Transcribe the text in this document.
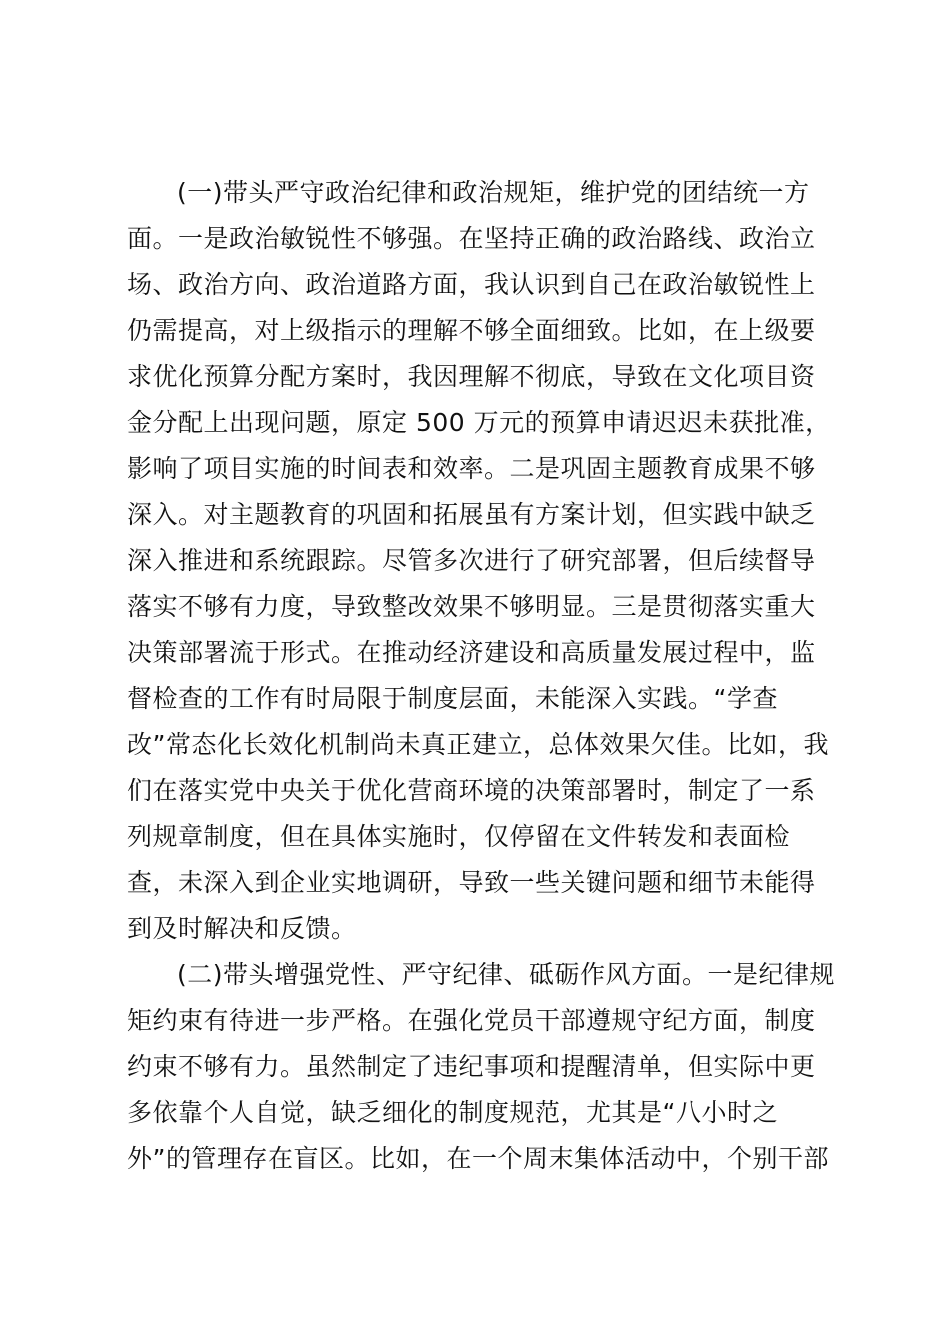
(一)带头严守政治纪律和政治规矩，维护党的团结统一方
面。一是政治敏锐性不够强。在坚持正确的政治路线、政治立
场、政治方向、政治道路方面，我认识到自己在政治敏锐性上
仍需提高，对上级指示的理解不够全面细致。比如，在上级要
求优化预算分配方案时，我因理解不彻底，导致在文化项目资
金分配上出现问题，原定 500 万元的预算申请迟迟未获批准，
影响了项目实施的时间表和效率。二是巩固主题教育成果不够
深入。对主题教育的巩固和拓展虽有方案计划，但实践中缺乏
深入推进和系统跟踪。尽管多次进行了研究部署，但后续督导
落实不够有力度，导致整改效果不够明显。三是贯彻落实重大
决策部署流于形式。在推动经济建设和高质量发展过程中，监
督检查的工作有时局限于制度层面，未能深入实践。“学查
改”常态化长效化机制尚未真正建立，总体效果欠佳。比如，我
们在落实党中央关于优化营商环境的决策部署时，制定了一系
列规章制度，但在具体实施时，仅停留在文件转发和表面检
查，未深入到企业实地调研，导致一些关键问题和细节未能得
到及时解决和反馈。
(二)带头增强党性、严守纪律、砥砺作风方面。一是纪律规
矩约束有待进一步严格。在强化党员干部遵规守纪方面，制度
约束不够有力。虽然制定了违纪事项和提醒清单，但实际中更
多依靠个人自觉，缺乏细化的制度规范，尤其是“八小时之
外”的管理存在盲区。比如，在一个周末集体活动中，个别干部
